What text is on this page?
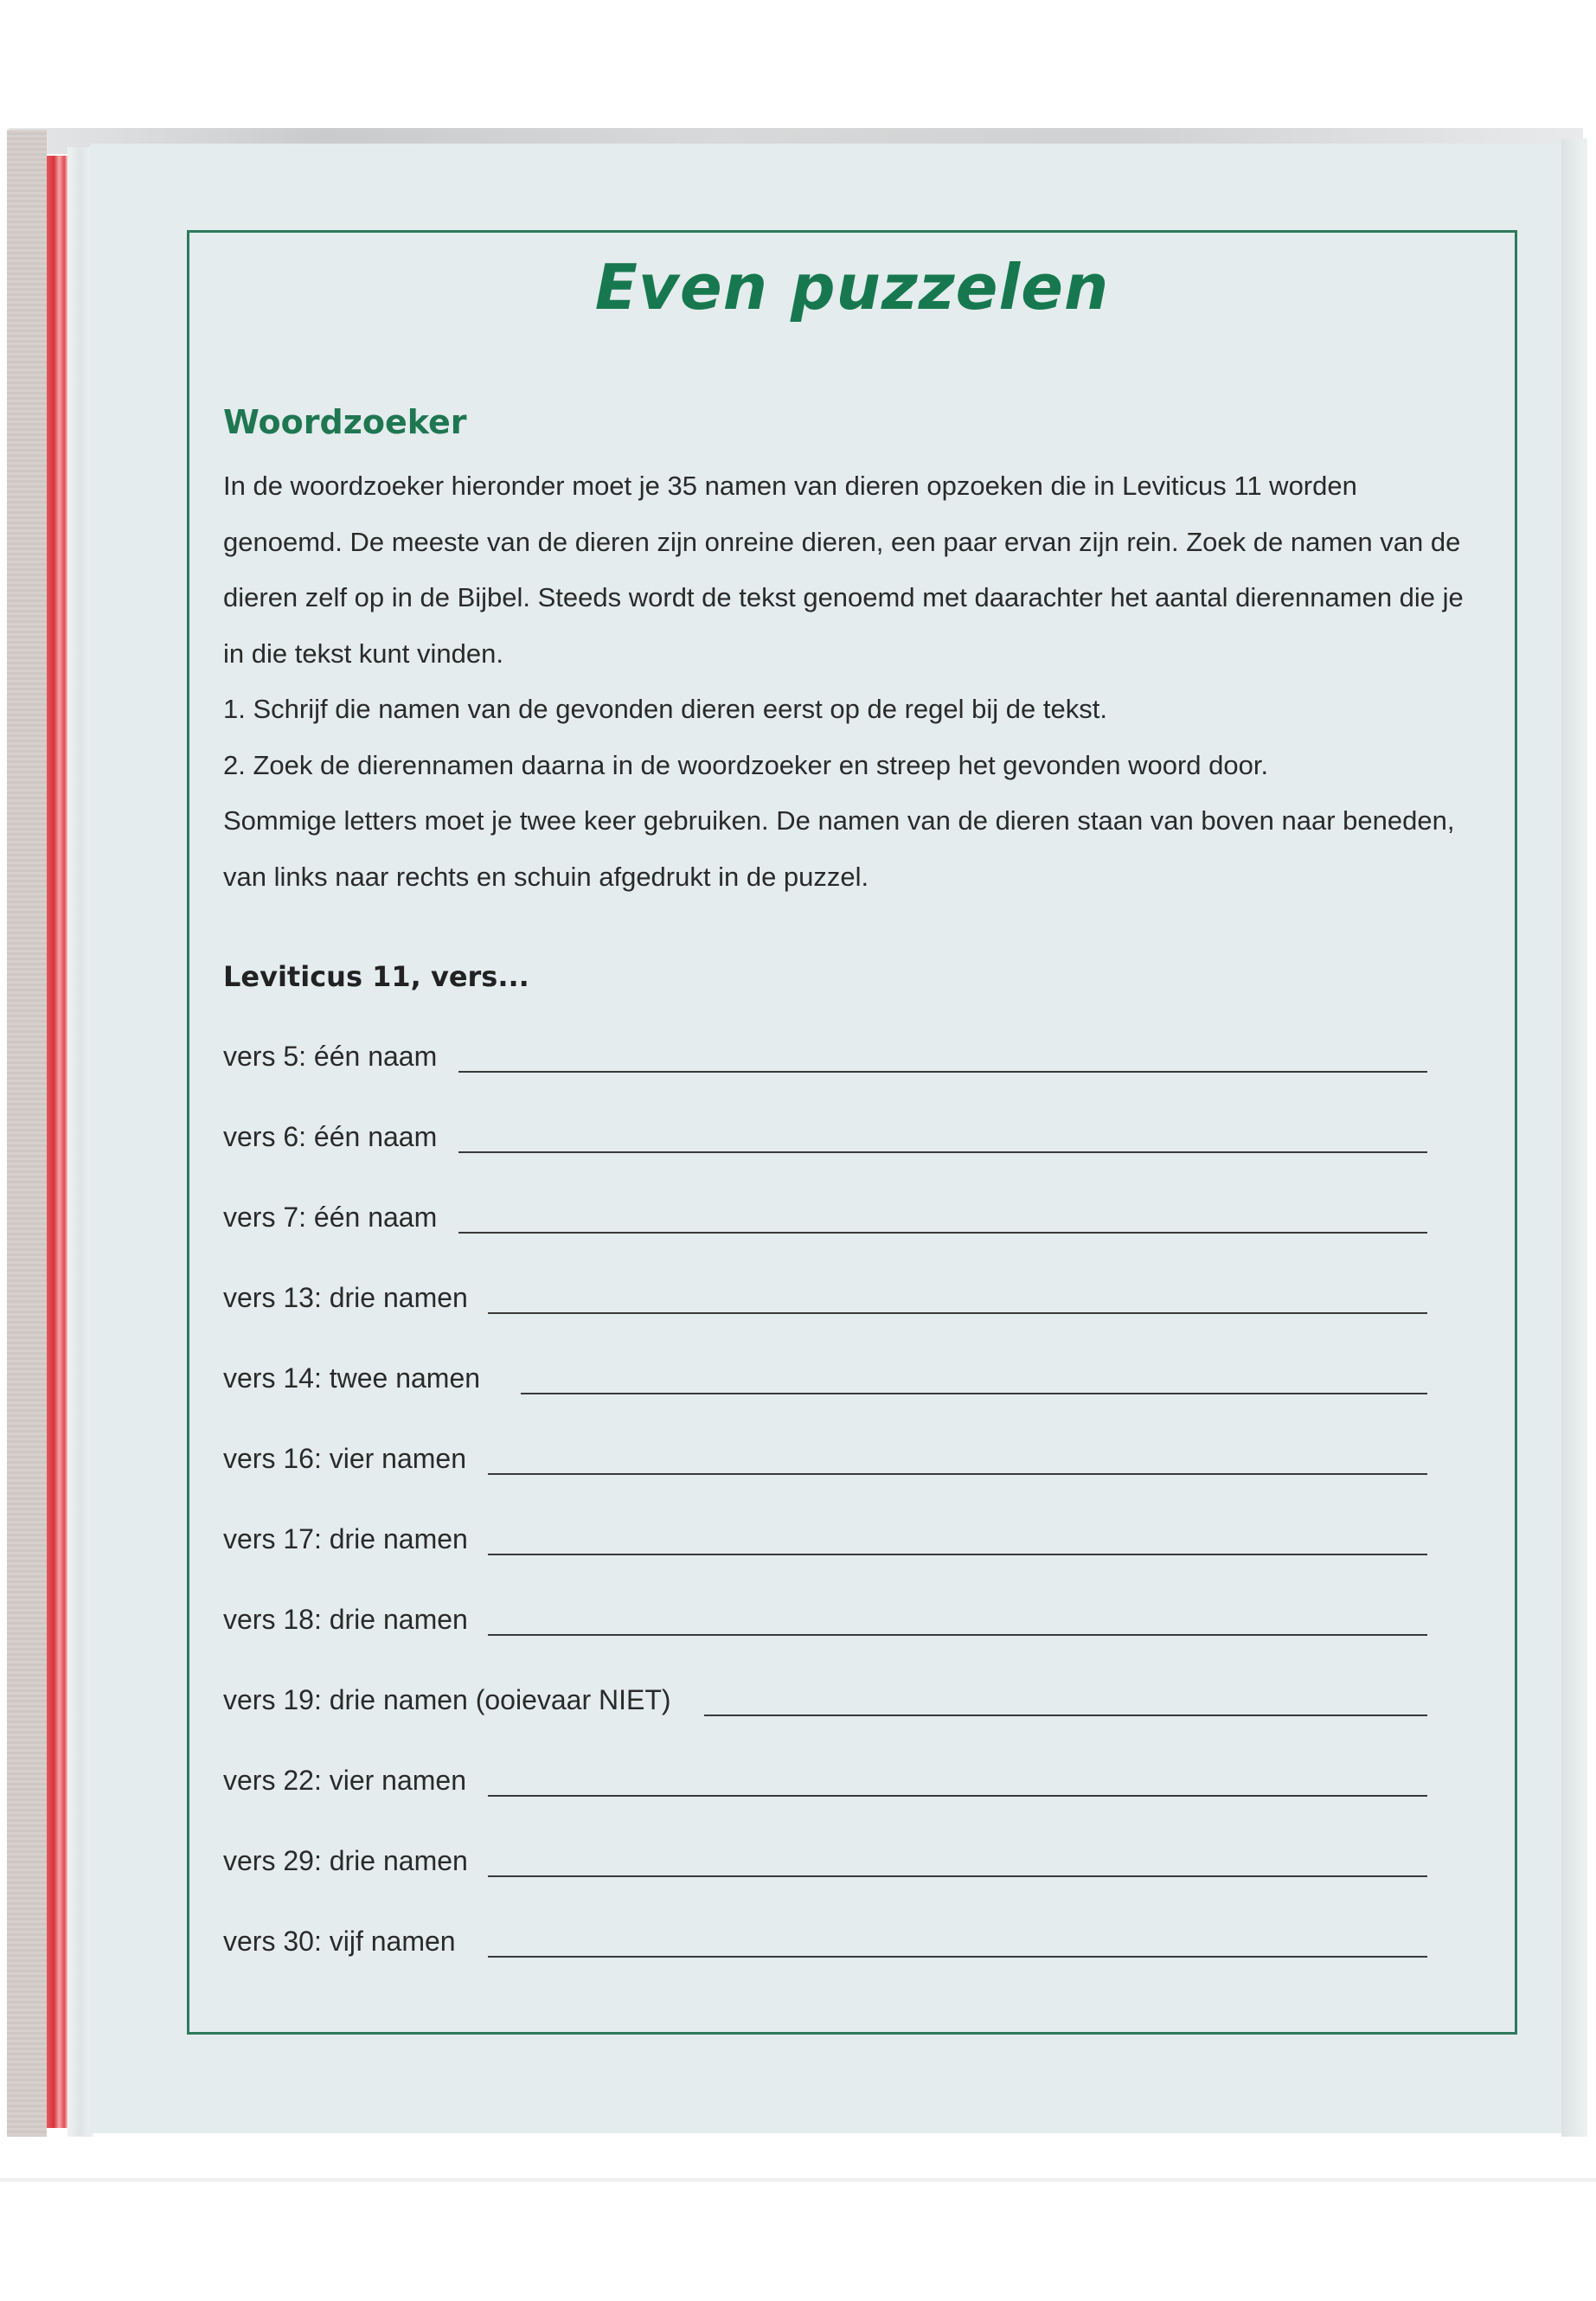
Even puzzelen
Woordzoeker

In de woordzoeker hieronder moet je 35 namen van dieren opzoeken die in Leviticus 11 worden genoemd. De meeste van de dieren zijn onreine dieren, een paar ervan zijn rein. Zoek de namen van de dieren zelf op in de Bijbel. Steeds wordt de tekst genoemd met daarachter het aantal dierennamen die je in die tekst kunt vinden.

1. Schrijf die namen van de gevonden dieren eerst op de regel bij de tekst.

2. Zoek de dierennamen daarna in de woordzoeker en streep het gevonden woord door.

Sommige letters moet je twee keer gebruiken. De namen van de dieren staan van boven naar beneden, van links naar rechts en schuin afgedrukt in de puzzel.

Leviticus 11, vers...
vers 5: één naam
vers 6: één naam
vers 7: één naam
vers 13: drie namen
vers 14: twee namen
vers 16: vier namen
vers 17: drie namen
vers 18: drie namen
vers 19: drie namen (ooievaar NIET)
vers 22: vier namen
vers 29: drie namen
vers 30: vijf namen
